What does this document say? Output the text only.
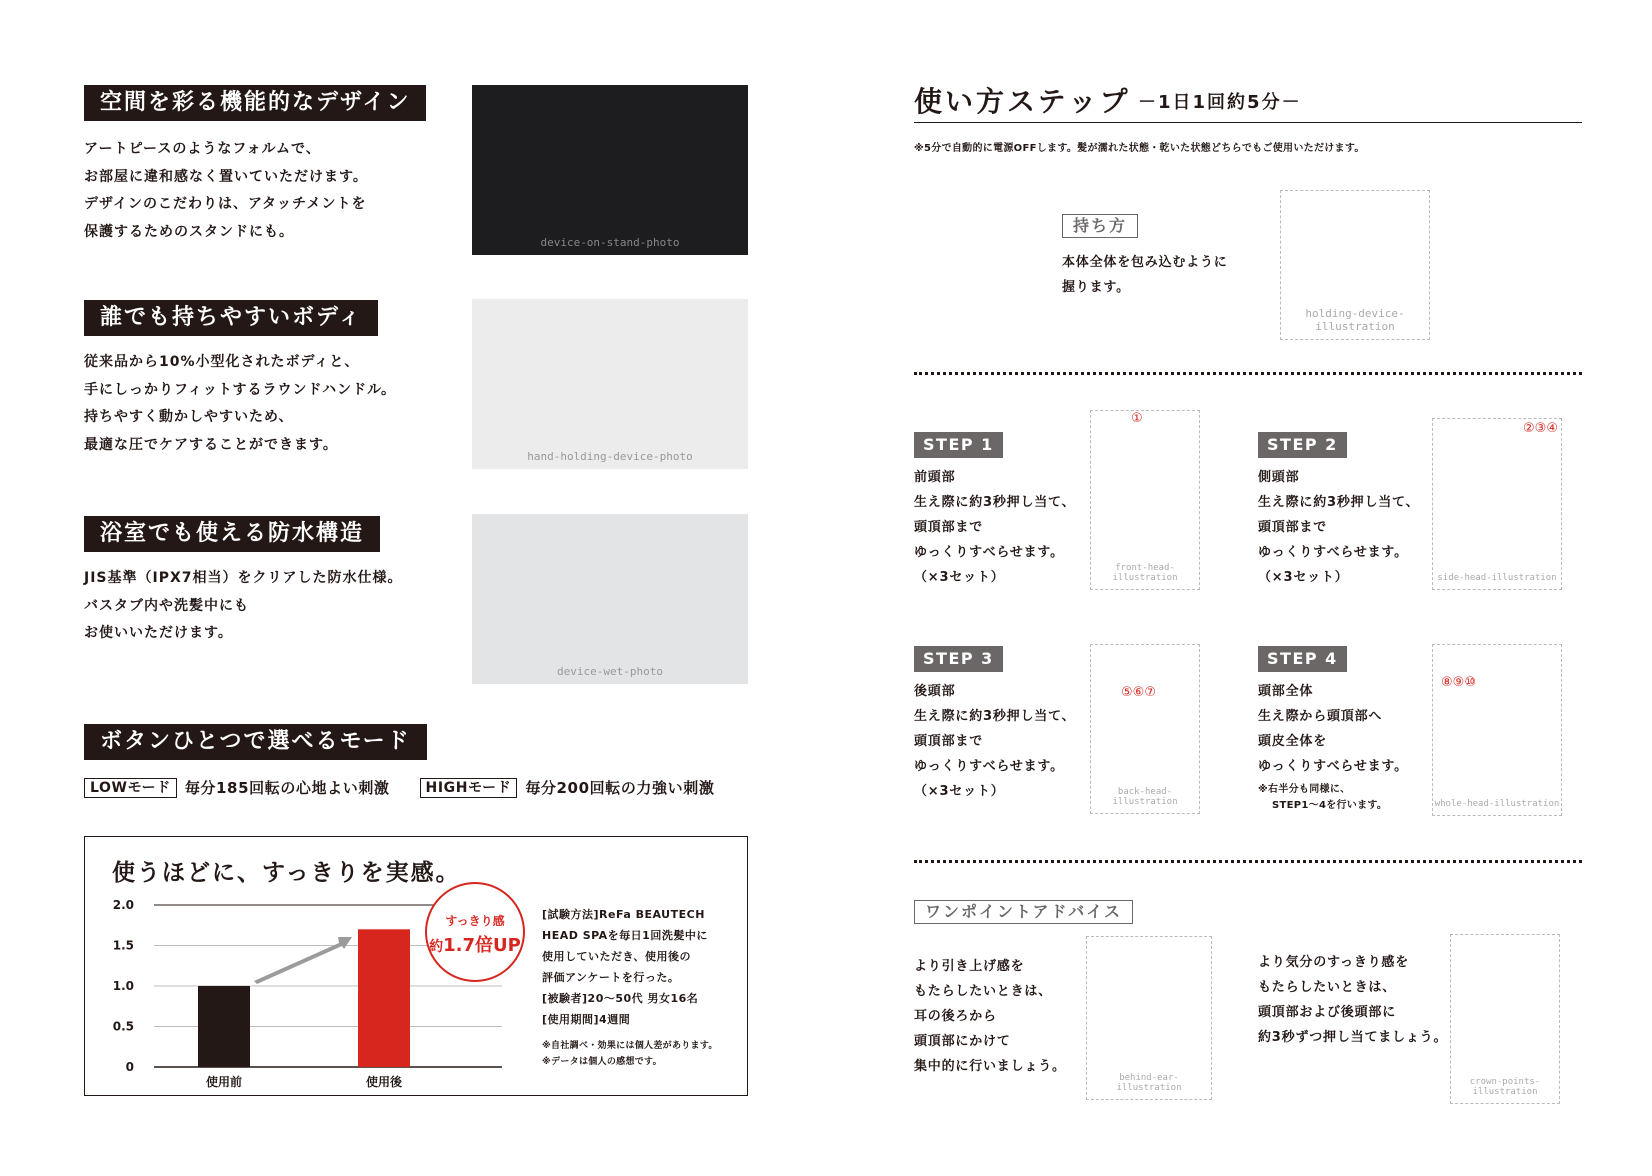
空間を彩る機能的なデザイン
アートピースのようなフォルムで、
お部屋に違和感なく置いていただけます。
デザインのこだわりは、アタッチメントを
保護するためのスタンドにも。
device-on-stand-photo
誰でも持ちやすいボディ
従来品から10%小型化されたボディと、
手にしっかりフィットするラウンドハンドル。
持ちやすく動かしやすいため、
最適な圧でケアすることができます。
hand-holding-device-photo
浴室でも使える防水構造
JIS基準（IPX7相当）をクリアした防水仕様。
バスタブ内や洗髪中にも
お使いいただけます。
device-wet-photo
ボタンひとつで選べるモード
LOWモード 毎分185回転の心地よい刺激	HIGHモード 毎分200回転の力強い刺激
使うほどに、すっきりを実感。
0
0.5
1.0
1.5
2.0
使用前	使用後
すっきり感
約1.7倍UP
[試験方法]ReFa BEAUTECH
HEAD SPAを毎日1回洗髪中に
使用していただき、使用後の
評価アンケートを行った。
[被験者]20～50代 男女16名
[使用期間]4週間
※自社調べ・効果には個人差があります。
※データは個人の感想です。
使い方ステップ －1日1回約5分－
※5分で自動的に電源OFFします。髪が濡れた状態・乾いた状態どちらでもご使用いただけます。
持ち方
本体全体を包み込むように
握ります。
holding-device-illustration
STEP 1
前頭部
生え際に約3秒押し当て、
頭頂部まで
ゆっくりすべらせます。
（×3セット）
①
front-head-illustration
STEP 2
側頭部
生え際に約3秒押し当て、
頭頂部まで
ゆっくりすべらせます。
（×3セット）
②③④
side-head-illustration
STEP 3
後頭部
生え際に約3秒押し当て、
頭頂部まで
ゆっくりすべらせます。
（×3セット）
⑤⑥⑦
back-head-illustration
STEP 4
頭部全体
生え際から頭頂部へ
頭皮全体を
ゆっくりすべらせます。
※右半分も同様に、
STEP1～4を行います。
⑧⑨⑩
whole-head-illustration
ワンポイントアドバイス
より引き上げ感を
もたらしたいときは、
耳の後ろから
頭頂部にかけて
集中的に行いましょう。
behind-ear-illustration
より気分のすっきり感を
もたらしたいときは、
頭頂部および後頭部に
約3秒ずつ押し当てましょう。
crown-points-illustration
